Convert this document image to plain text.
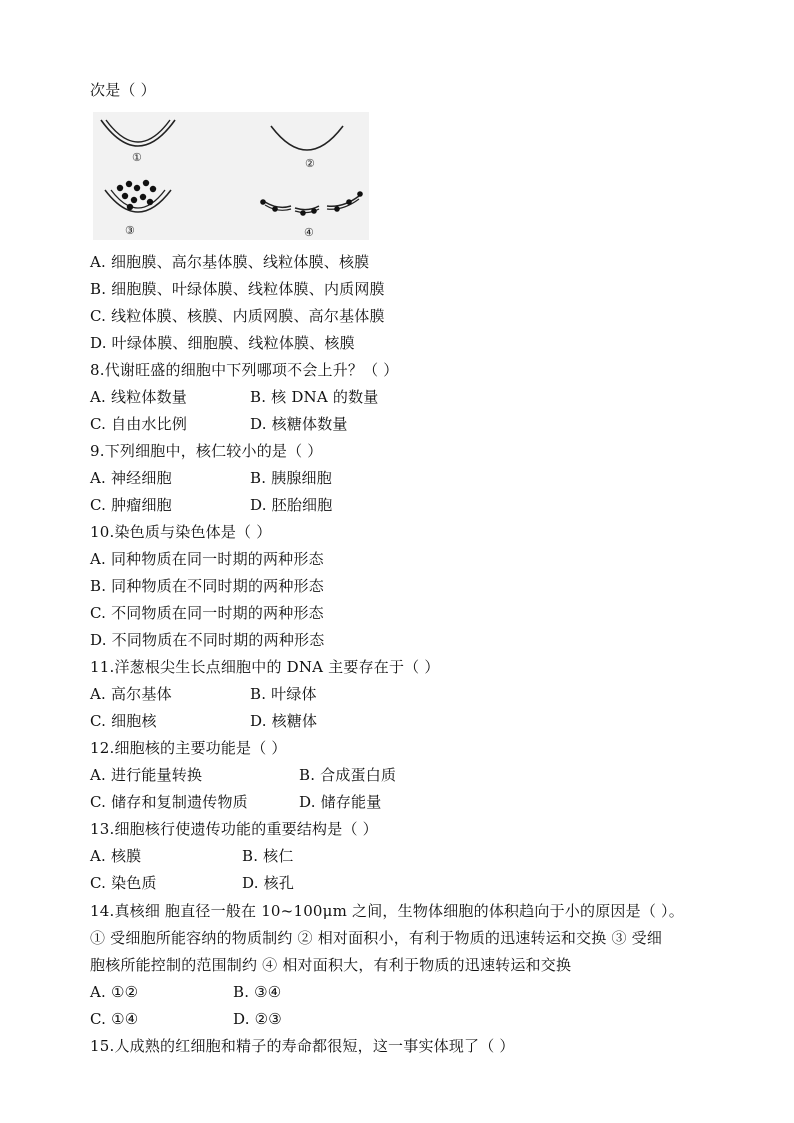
次是（ ）
①	②
③	④
A. 细胞膜、高尔基体膜、线粒体膜、核膜
B. 细胞膜、叶绿体膜、线粒体膜、内质网膜
C. 线粒体膜、核膜、内质网膜、高尔基体膜
D. 叶绿体膜、细胞膜、线粒体膜、核膜
8.代谢旺盛的细胞中下列哪项不会上升？（ ）
A. 线粒体数量	B. 核 DNA 的数量
C. 自由水比例	D. 核糖体数量
9.下列细胞中，核仁较小的是（ ）
A. 神经细胞	B. 胰腺细胞
C. 肿瘤细胞	D. 胚胎细胞
10.染色质与染色体是（ ）
A. 同种物质在同一时期的两种形态
B. 同种物质在不同时期的两种形态
C. 不同物质在同一时期的两种形态
D. 不同物质在不同时期的两种形态
11.洋葱根尖生长点细胞中的 DNA 主要存在于（ ）
A. 高尔基体	B. 叶绿体
C. 细胞核	D. 核糖体
12.细胞核的主要功能是（ ）
A. 进行能量转换	B. 合成蛋白质
C. 储存和复制遗传物质	D. 储存能量
13.细胞核行使遗传功能的重要结构是（ ）
A. 核膜	B. 核仁
C. 染色质	D. 核孔
14.真核细 胞直径一般在 10~100μm 之间，生物体细胞的体积趋向于小的原因是（ ）。
① 受细胞所能容纳的物质制约 ② 相对面积小，有利于物质的迅速转运和交换 ③ 受细
胞核所能控制的范围制约 ④ 相对面积大，有利于物质的迅速转运和交换
A. ①②	B. ③④
C. ①④	D. ②③
15.人成熟的红细胞和精子的寿命都很短，这一事实体现了（ ）
